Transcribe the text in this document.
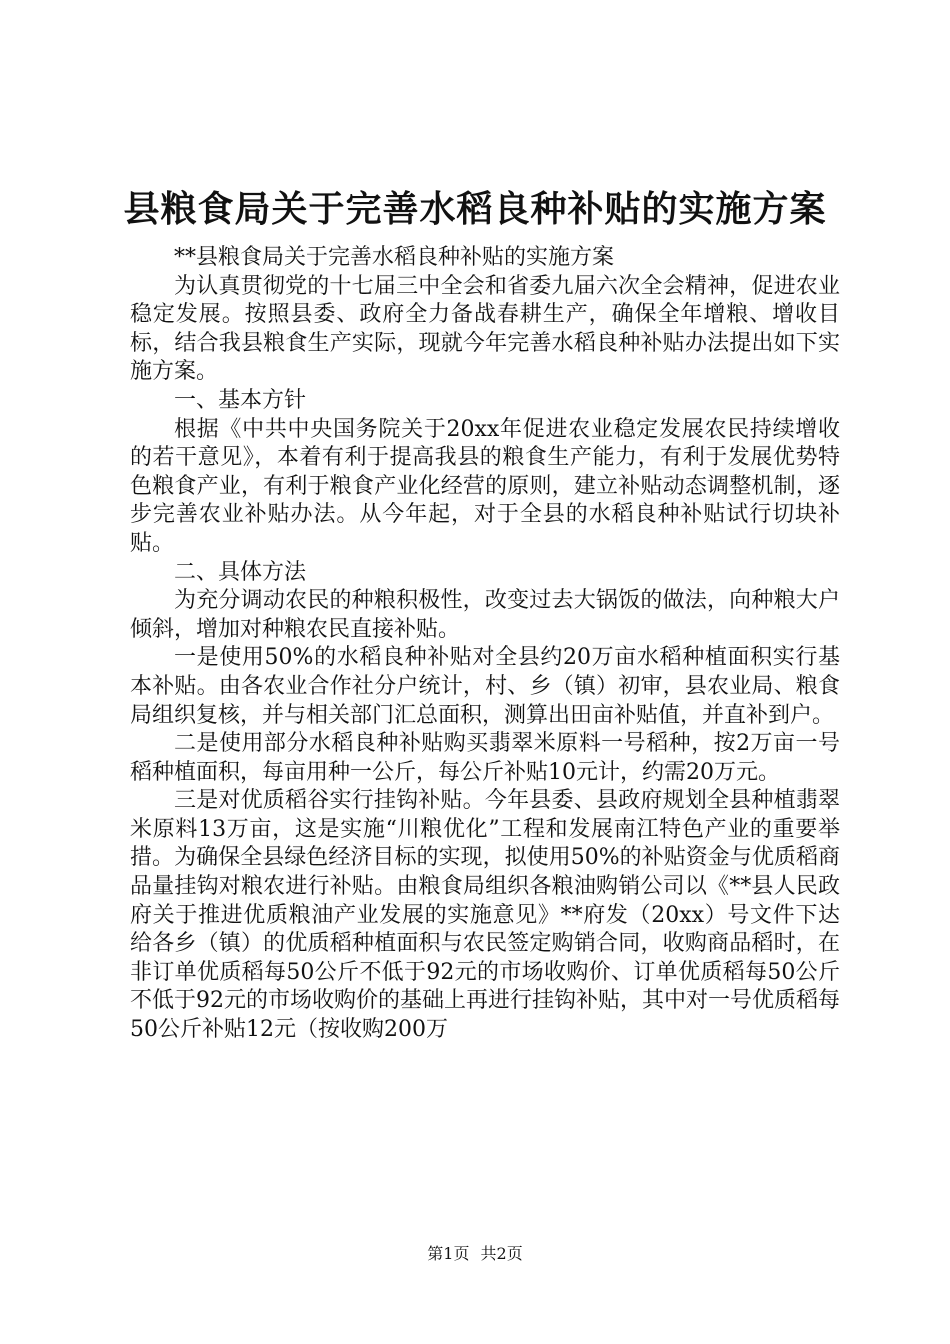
县粮食局关于完善水稻良种补贴的实施方案

**县粮食局关于完善水稻良种补贴的实施方案

为认真贯彻党的十七届三中全会和省委九届六次全会精神，促进农业稳定发展。按照县委、政府全力备战春耕生产，确保全年增粮、增收目标，结合我县粮食生产实际，现就今年完善水稻良种补贴办法提出如下实施方案。

一、基本方针

根据《中共中央国务院关于20xx年促进农业稳定发展农民持续增收的若干意见》，本着有利于提高我县的粮食生产能力，有利于发展优势特色粮食产业，有利于粮食产业化经营的原则，建立补贴动态调整机制，逐步完善农业补贴办法。从今年起，对于全县的水稻良种补贴试行切块补贴。

二、具体方法

为充分调动农民的种粮积极性，改变过去大锅饭的做法，向种粮大户倾斜，增加对种粮农民直接补贴。

一是使用50%的水稻良种补贴对全县约20万亩水稻种植面积实行基本补贴。由各农业合作社分户统计，村、乡（镇）初审，县农业局、粮食局组织复核，并与相关部门汇总面积，测算出田亩补贴值，并直补到户。

二是使用部分水稻良种补贴购买翡翠米原料一号稻种，按2万亩一号稻种植面积，每亩用种一公斤，每公斤补贴10元计，约需20万元。

三是对优质稻谷实行挂钩补贴。今年县委、县政府规划全县种植翡翠米原料13万亩，这是实施“川粮优化”工程和发展南江特色产业的重要举措。为确保全县绿色经济目标的实现，拟使用50%的补贴资金与优质稻商品量挂钩对粮农进行补贴。由粮食局组织各粮油购销公司以《**县人民政府关于推进优质粮油产业发展的实施意见》**府发（20xx）号文件下达给各乡（镇）的优质稻种植面积与农民签定购销合同，收购商品稻时，在非订单优质稻每50公斤不低于92元的市场收购价、订单优质稻每50公斤不低于92元的市场收购价的基础上再进行挂钩补贴，其中对一号优质稻每50公斤补贴12元（按收购200万

第1页 共2页
